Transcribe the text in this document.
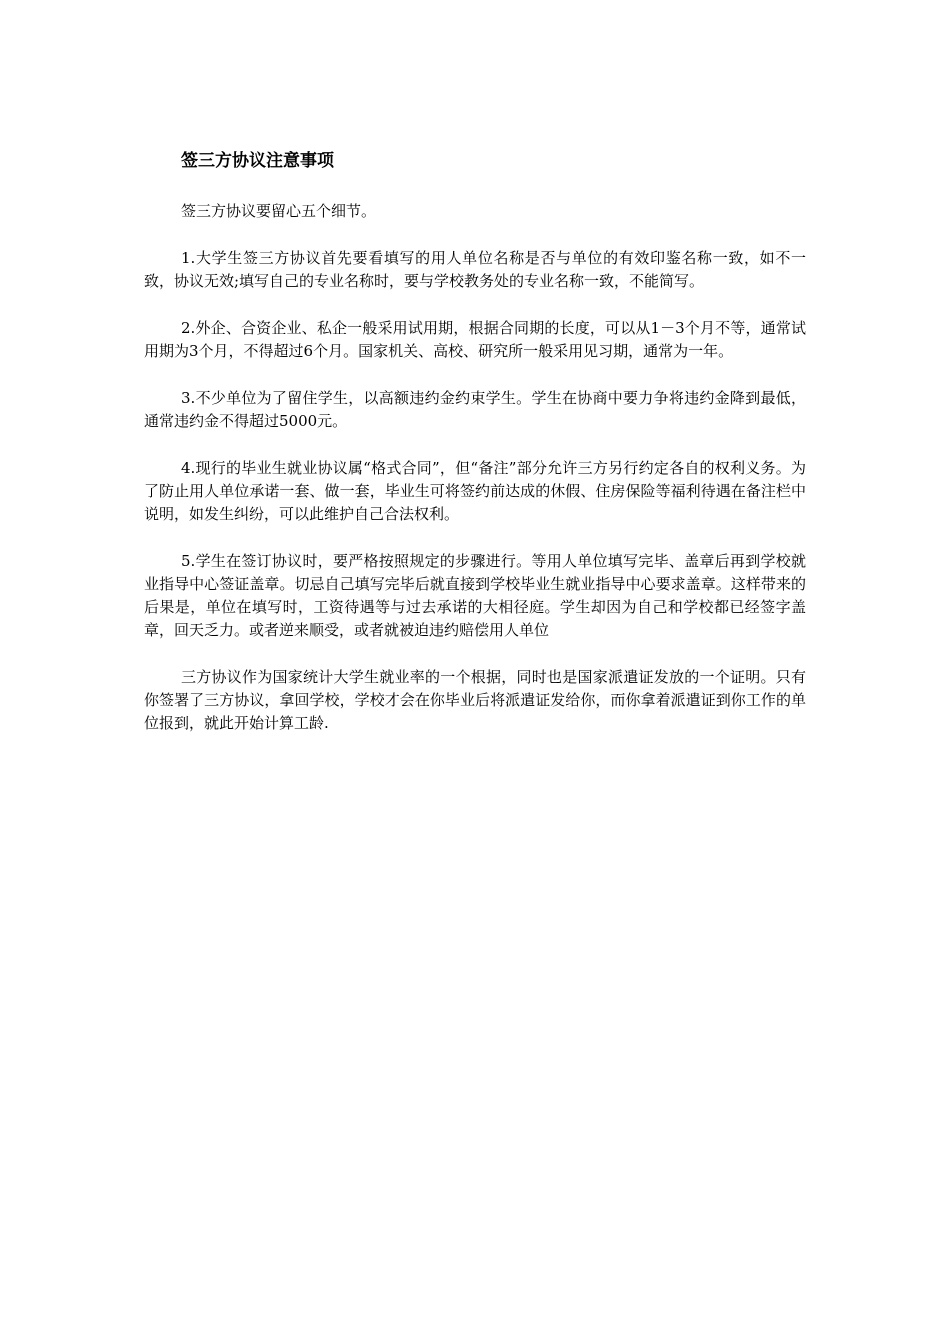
签三方协议注意事项

签三方协议要留心五个细节。

1.大学生签三方协议首先要看填写的用人单位名称是否与单位的有效印鉴名称一致，如不一致，协议无效;填写自己的专业名称时，要与学校教务处的专业名称一致，不能简写。

2.外企、合资企业、私企一般采用试用期，根据合同期的长度，可以从1－3个月不等，通常试用期为3个月，不得超过6个月。国家机关、高校、研究所一般采用见习期，通常为一年。

3.不少单位为了留住学生，以高额违约金约束学生。学生在协商中要力争将违约金降到最低，通常违约金不得超过5000元。

4.现行的毕业生就业协议属“格式合同”，但“备注”部分允许三方另行约定各自的权利义务。为了防止用人单位承诺一套、做一套，毕业生可将签约前达成的休假、住房保险等福利待遇在备注栏中说明，如发生纠纷，可以此维护自己合法权利。

5.学生在签订协议时，要严格按照规定的步骤进行。等用人单位填写完毕、盖章后再到学校就业指导中心签证盖章。切忌自己填写完毕后就直接到学校毕业生就业指导中心要求盖章。这样带来的后果是，单位在填写时，工资待遇等与过去承诺的大相径庭。学生却因为自己和学校都已经签字盖章，回天乏力。或者逆来顺受，或者就被迫违约赔偿用人单位

三方协议作为国家统计大学生就业率的一个根据，同时也是国家派遣证发放的一个证明。只有你签署了三方协议，拿回学校，学校才会在你毕业后将派遣证发给你，而你拿着派遣证到你工作的单位报到，就此开始计算工龄.
